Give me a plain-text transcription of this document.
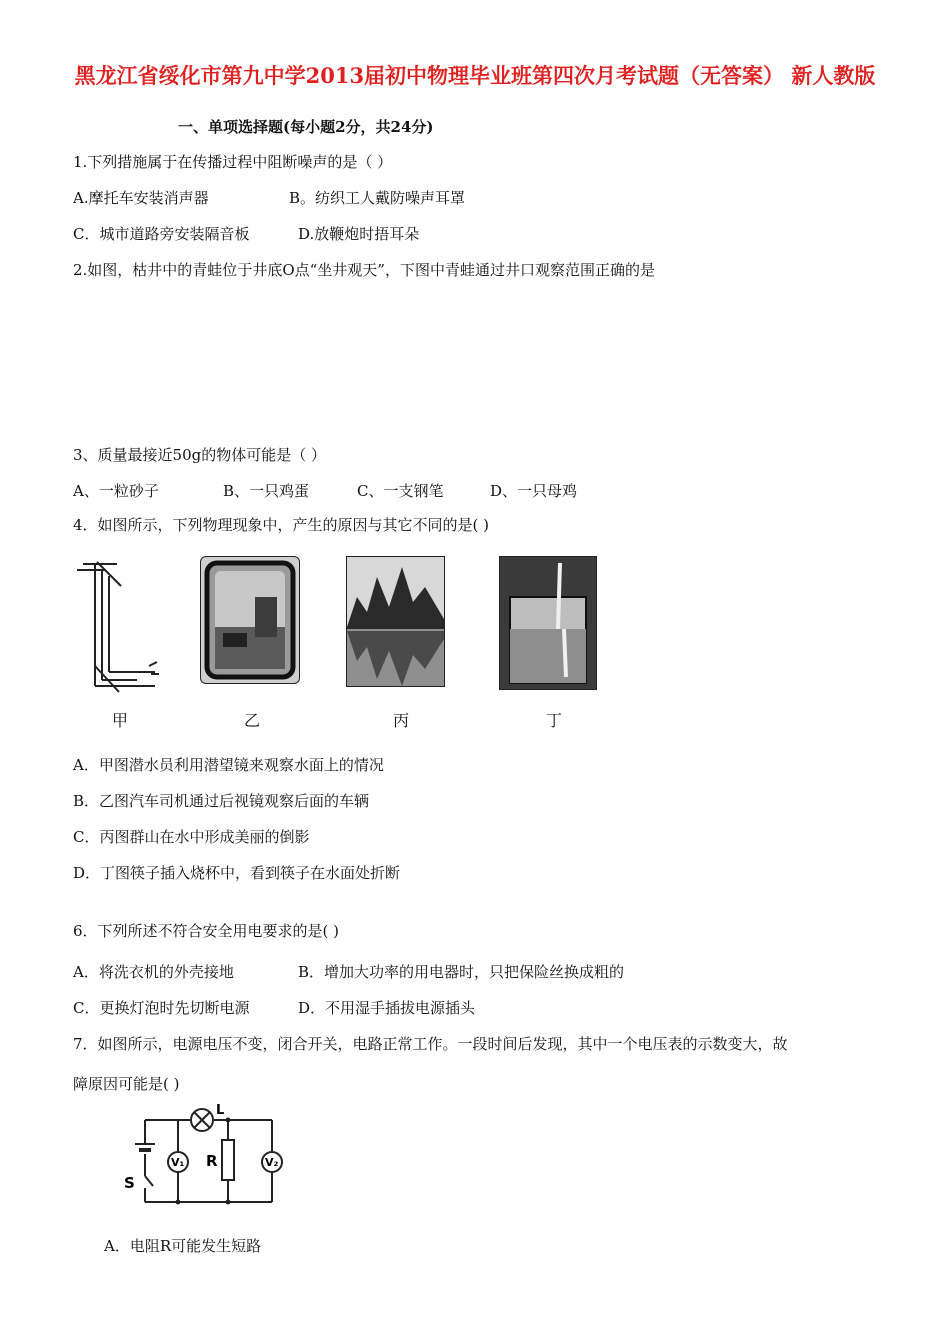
黑龙江省绥化市第九中学2013届初中物理毕业班第四次月考试题（无答案） 新人教版
一、单项选择题(每小题2分，共24分)
1.下列措施属于在传播过程中阻断噪声的是（ ）
A.摩托车安装消声器	B。纺织工人戴防噪声耳罩
C．城市道路旁安装隔音板	D.放鞭炮时捂耳朵
2.如图，枯井中的青蛙位于井底O点“坐井观天”，下图中青蛙通过井口观察范围正确的是
3、质量最接近50g的物体可能是（ ）
A、一粒砂子	B、一只鸡蛋	C、一支钢笔	D、一只母鸡
4．如图所示，下列物理现象中，产生的原因与其它不同的是( )
甲	乙	丙	丁
A．甲图潜水员利用潜望镜来观察水面上的情况
B．乙图汽车司机通过后视镜观察后面的车辆
C．丙图群山在水中形成美丽的倒影
D．丁图筷子插入烧杯中，看到筷子在水面处折断
6．下列所述不符合安全用电要求的是( )
A．将洗衣机的外壳接地	B．增加大功率的用电器时，只把保险丝换成粗的
C．更换灯泡时先切断电源	D．不用湿手插拔电源插头
7．如图所示，电源电压不变，闭合开关，电路正常工作。一段时间后发现，其中一个电压表的示数变大，故
障原因可能是( )
L
R
V₁	V₂
S
A．电阻R可能发生短路
